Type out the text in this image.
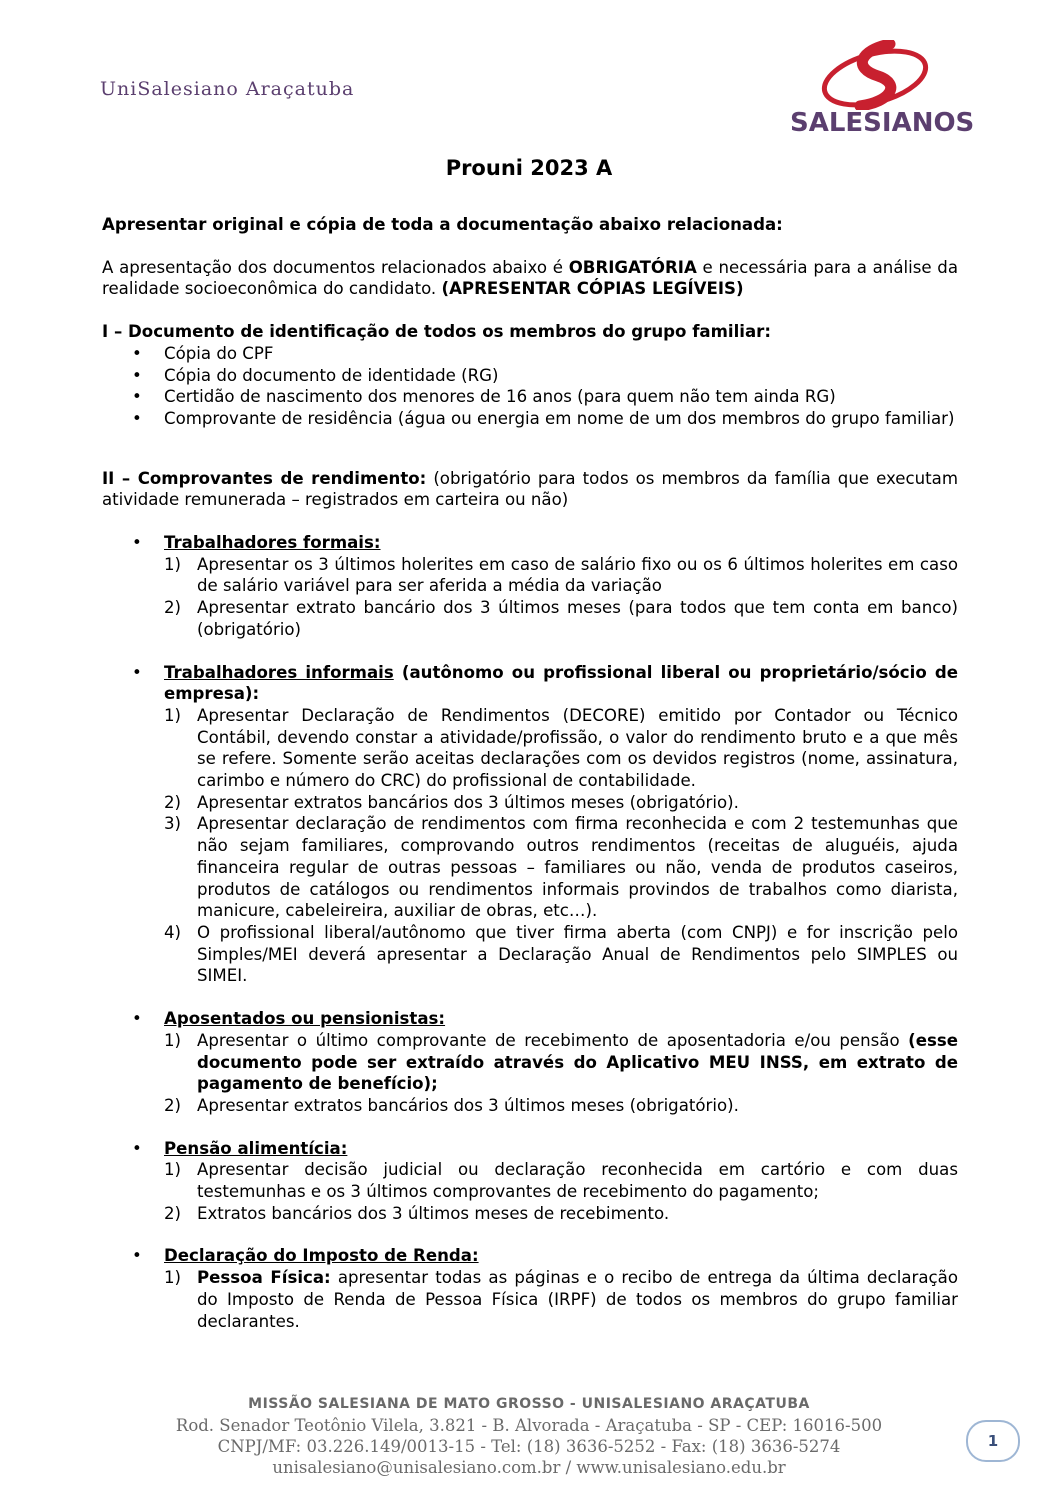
UniSalesiano Araçatuba
SALESIANOS
Prouni 2023 A

Apresentar original e cópia de toda a documentação abaixo relacionada:

A apresentação dos documentos relacionados abaixo é OBRIGATÓRIA e necessária para a análise da realidade socioeconômica do candidato. (APRESENTAR CÓPIAS LEGÍVEIS)

I – Documento de identificação de todos os membros do grupo familiar:

• Cópia do CPF
• Cópia do documento de identidade (RG)
• Certidão de nascimento dos menores de 16 anos (para quem não tem ainda RG)
• Comprovante de residência (água ou energia em nome de um dos membros do grupo familiar)

II – Comprovantes de rendimento: (obrigatório para todos os membros da família que executam atividade remunerada – registrados em carteira ou não)

• Trabalhadores formais:
1) Apresentar os 3 últimos holerites em caso de salário fixo ou os 6 últimos holerites em caso de salário variável para ser aferida a média da variação
2) Apresentar extrato bancário dos 3 últimos meses (para todos que tem conta em banco) (obrigatório)
• Trabalhadores informais (autônomo ou profissional liberal ou proprietário/sócio de empresa):
1) Apresentar Declaração de Rendimentos (DECORE) emitido por Contador ou Técnico Contábil, devendo constar a atividade/profissão, o valor do rendimento bruto e a que mês se refere. Somente serão aceitas declarações com os devidos registros (nome, assinatura, carimbo e número do CRC) do profissional de contabilidade.
2) Apresentar extratos bancários dos 3 últimos meses (obrigatório).
3) Apresentar declaração de rendimentos com firma reconhecida e com 2 testemunhas que não sejam familiares, comprovando outros rendimentos (receitas de aluguéis, ajuda financeira regular de outras pessoas – familiares ou não, venda de produtos caseiros, produtos de catálogos ou rendimentos informais provindos de trabalhos como diarista, manicure, cabeleireira, auxiliar de obras, etc…).
4) O profissional liberal/autônomo que tiver firma aberta (com CNPJ) e for inscrição pelo Simples/MEI deverá apresentar a Declaração Anual de Rendimentos pelo SIMPLES ou SIMEI.
• Aposentados ou pensionistas:
1) Apresentar o último comprovante de recebimento de aposentadoria e/ou pensão (esse documento pode ser extraído através do Aplicativo MEU INSS, em extrato de pagamento de benefício);
2) Apresentar extratos bancários dos 3 últimos meses (obrigatório).
• Pensão alimentícia:
1) Apresentar decisão judicial ou declaração reconhecida em cartório e com duas testemunhas e os 3 últimos comprovantes de recebimento do pagamento;
2) Extratos bancários dos 3 últimos meses de recebimento.
• Declaração do Imposto de Renda:
1) Pessoa Física: apresentar todas as páginas e o recibo de entrega da última declaração do Imposto de Renda de Pessoa Física (IRPF) de todos os membros do grupo familiar declarantes.
MISSÃO SALESIANA DE MATO GROSSO - UNISALESIANO ARAÇATUBA
Rod. Senador Teotônio Vilela, 3.821 - B. Alvorada - Araçatuba - SP - CEP: 16016-500
CNPJ/MF: 03.226.149/0013-15 - Tel: (18) 3636-5252 - Fax: (18) 3636-5274
unisalesiano@unisalesiano.com.br / www.unisalesiano.edu.br
1
